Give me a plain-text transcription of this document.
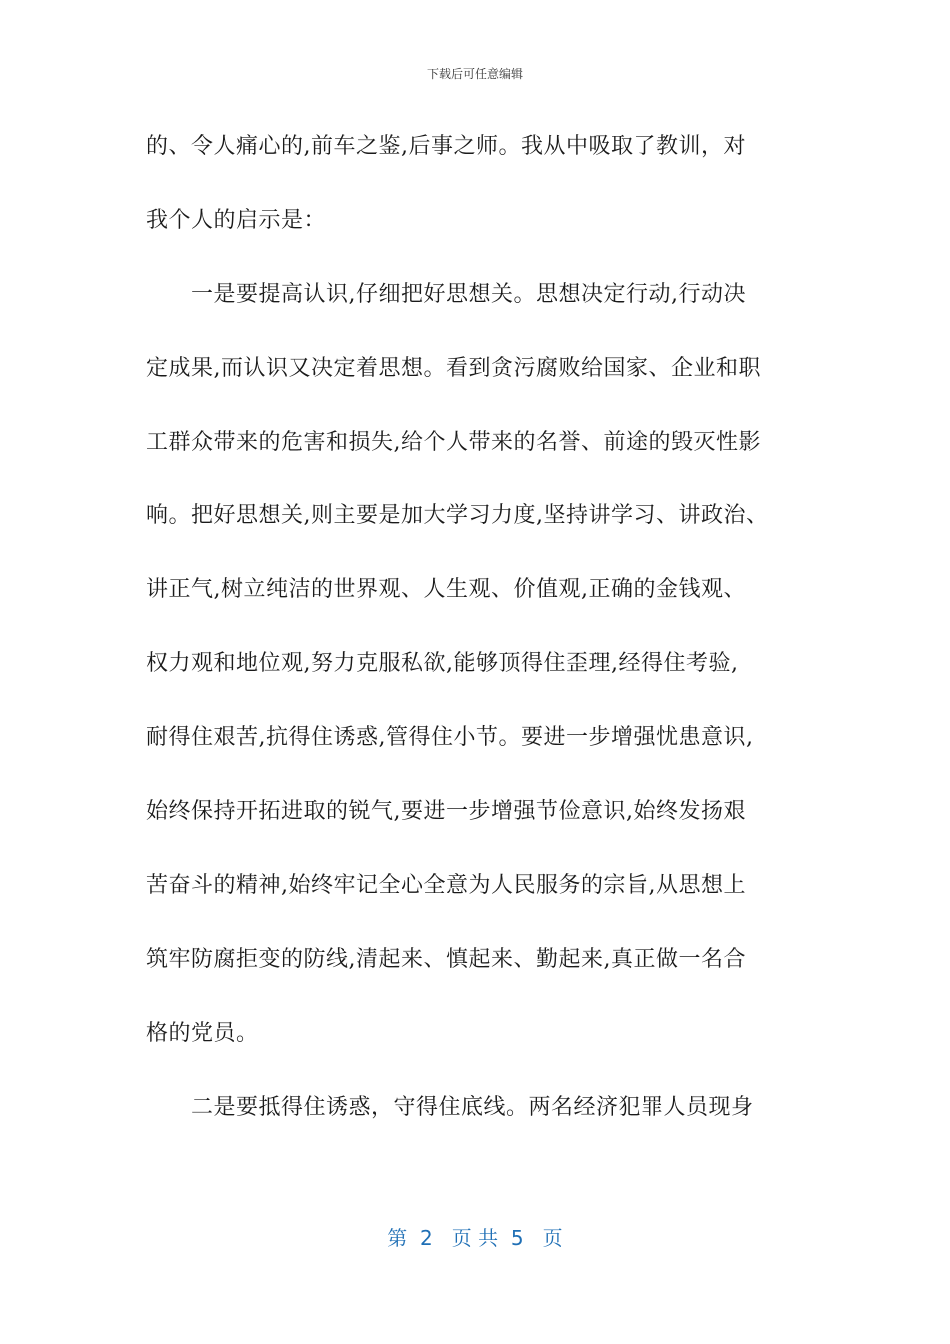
下载后可任意编辑
的、令人痛心的,前车之鉴,后事之师。我从中吸取了教训，对
我个人的启示是：
一是要提高认识,仔细把好思想关。思想决定行动,行动决
定成果,而认识又决定着思想。看到贪污腐败给国家、企业和职
工群众带来的危害和损失,给个人带来的名誉、前途的毁灭性影
响。把好思想关,则主要是加大学习力度,坚持讲学习、讲政治、
讲正气,树立纯洁的世界观、人生观、价值观,正确的金钱观、
权力观和地位观,努力克服私欲,能够顶得住歪理,经得住考验,
耐得住艰苦,抗得住诱惑,管得住小节。要进一步增强忧患意识,
始终保持开拓进取的锐气,要进一步增强节俭意识,始终发扬艰
苦奋斗的精神,始终牢记全心全意为人民服务的宗旨,从思想上
筑牢防腐拒变的防线,清起来、慎起来、勤起来,真正做一名合
格的党员。
二是要抵得住诱惑，守得住底线。两名经济犯罪人员现身
第  2   页 共  5   页
